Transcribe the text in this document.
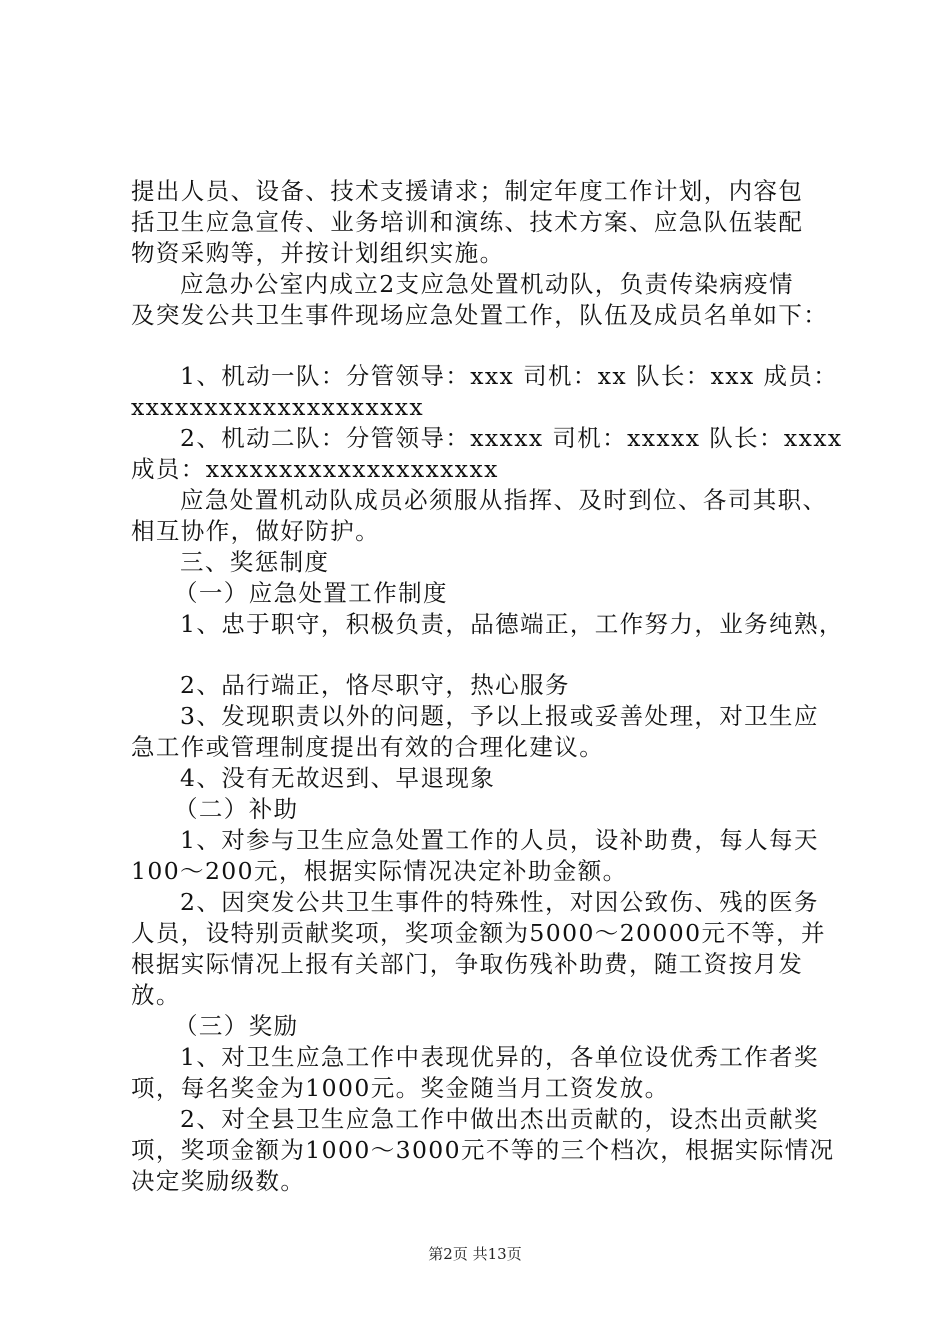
提出人员、设备、技术支援请求；制定年度工作计划，内容包
括卫生应急宣传、业务培训和演练、技术方案、应急队伍装配
物资采购等，并按计划组织实施。
应急办公室内成立2支应急处置机动队，负责传染病疫情
及突发公共卫生事件现场应急处置工作，队伍及成员名单如下：
1、机动一队：分管领导：xxx 司机：xx 队长：xxx 成员：
xxxxxxxxxxxxxxxxxxxx
2、机动二队：分管领导：xxxxx 司机：xxxxx 队长：xxxx
成员：xxxxxxxxxxxxxxxxxxxx
应急处置机动队成员必须服从指挥、及时到位、各司其职、
相互协作，做好防护。
三、奖惩制度
（一）应急处置工作制度
1、忠于职守，积极负责，品德端正，工作努力，业务纯熟，
2、品行端正，恪尽职守，热心服务
3、发现职责以外的问题，予以上报或妥善处理，对卫生应
急工作或管理制度提出有效的合理化建议。
4、没有无故迟到、早退现象
（二）补助
1、对参与卫生应急处置工作的人员，设补助费，每人每天
100～200元，根据实际情况决定补助金额。
2、因突发公共卫生事件的特殊性，对因公致伤、残的医务
人员，设特别贡献奖项，奖项金额为5000～20000元不等，并
根据实际情况上报有关部门，争取伤残补助费，随工资按月发
放。
（三）奖励
1、对卫生应急工作中表现优异的，各单位设优秀工作者奖
项，每名奖金为1000元。奖金随当月工资发放。
2、对全县卫生应急工作中做出杰出贡献的，设杰出贡献奖
项，奖项金额为1000～3000元不等的三个档次，根据实际情况
决定奖励级数。
第2页 共13页
